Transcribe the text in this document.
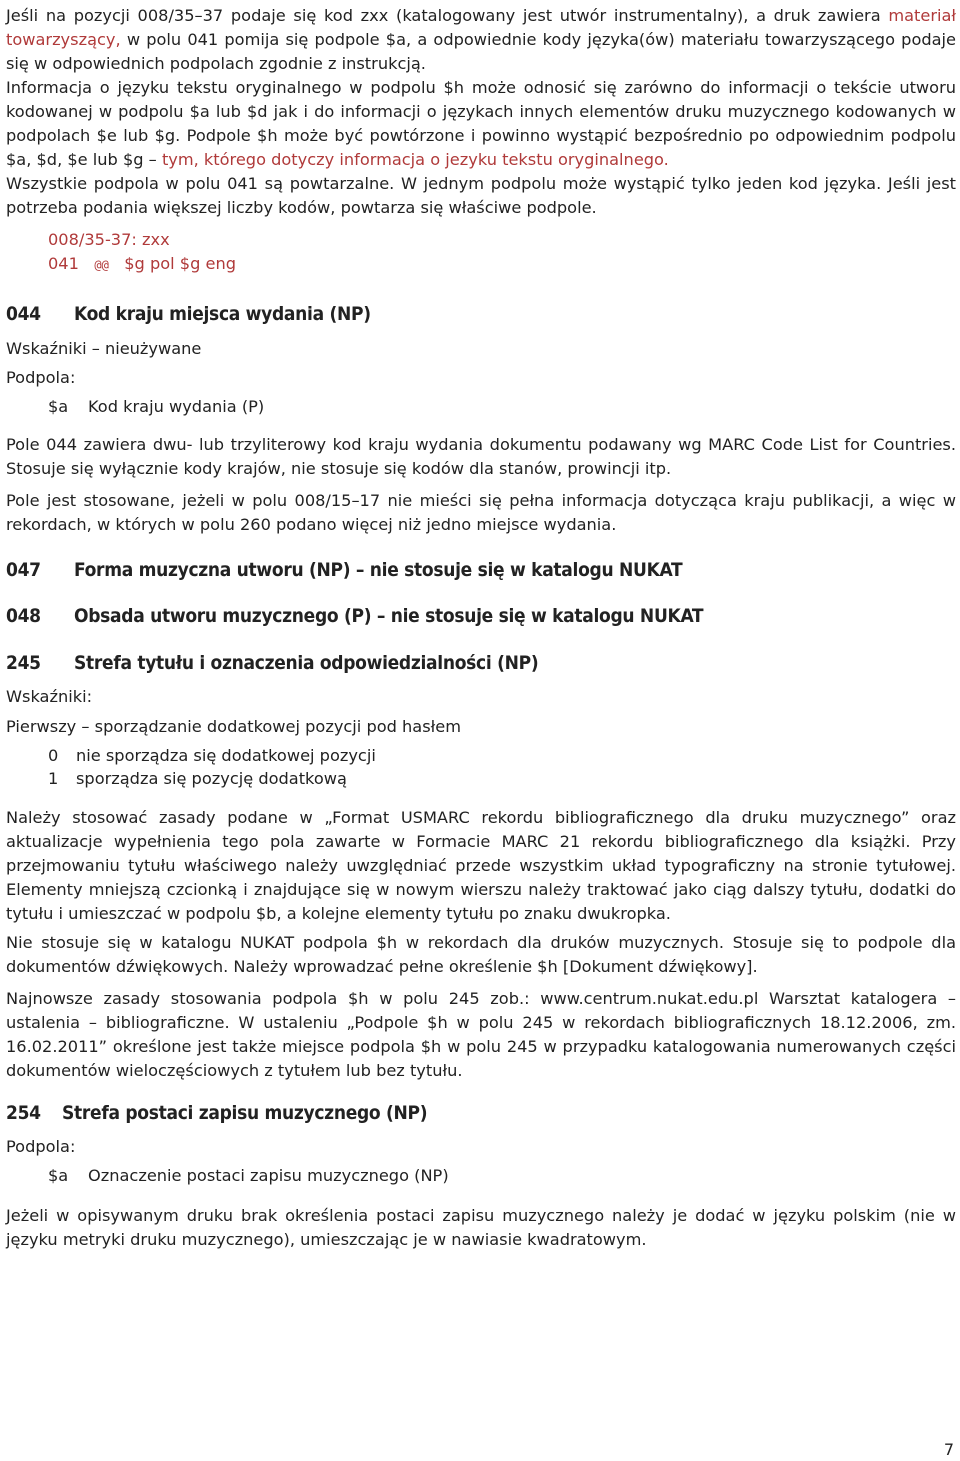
Jeśli na pozycji 008/35–37 podaje się kod zxx (katalogowany jest utwór instrumentalny), a druk zawiera materiał towarzyszący, w polu 041 pomija się podpole $a, a odpowiednie kody języka(ów) materiału towarzyszącego podaje się w odpowiednich podpolach zgodnie z instrukcją.

Informacja o języku tekstu oryginalnego w podpolu $h może odnosić się zarówno do informacji o tekście utworu kodowanej w podpolu $a lub $d jak i do informacji o językach innych elementów druku muzycznego kodowanych w podpolach $e lub $g. Podpole $h może być powtórzone i powinno wystąpić bezpośrednio po odpowiednim podpolu $a, $d, $e lub $g – tym, którego dotyczy informacja o jezyku tekstu oryginalnego.

Wszystkie podpola w polu 041 są powtarzalne. W jednym podpolu może wystąpić tylko jeden kod języka. Jeśli jest potrzeba podania większej liczby kodów, powtarza się właściwe podpole.

008/35-37: zxx
041 @@ $g pol $g eng
044 Kod kraju miejsca wydania (NP)
Wskaźniki – nieużywane
Podpola:
$a Kod kraju wydania (P)

Pole 044 zawiera dwu- lub trzyliterowy kod kraju wydania dokumentu podawany wg MARC Code List for Countries. Stosuje się wyłącznie kody krajów, nie stosuje się kodów dla stanów, prowincji itp.

Pole jest stosowane, jeżeli w polu 008/15–17 nie mieści się pełna informacja dotycząca kraju publikacji, a więc w rekordach, w których w polu 260 podano więcej niż jedno miejsce wydania.

047 Forma muzyczna utworu (NP) – nie stosuje się w katalogu NUKAT
048 Obsada utworu muzycznego (P) – nie stosuje się w katalogu NUKAT
245 Strefa tytułu i oznaczenia odpowiedzialności (NP)
Wskaźniki:
Pierwszy – sporządzanie dodatkowej pozycji pod hasłem
0 nie sporządza się dodatkowej pozycji
1 sporządza się pozycję dodatkową

Należy stosować zasady podane w „Format USMARC rekordu bibliograficznego dla druku muzycznego” oraz aktualizacje wypełnienia tego pola zawarte w Formacie MARC 21 rekordu bibliograficznego dla książki. Przy przejmowaniu tytułu właściwego należy uwzględniać przede wszystkim układ typograficzny na stronie tytułowej. Elementy mniejszą czcionką i znajdujące się w nowym wierszu należy traktować jako ciąg dalszy tytułu, dodatki do tytułu i umieszczać w podpolu $b, a kolejne elementy tytułu po znaku dwukropka.

Nie stosuje się w katalogu NUKAT podpola $h w rekordach dla druków muzycznych. Stosuje się to podpole dla dokumentów dźwiękowych. Należy wprowadzać pełne określenie $h [Dokument dźwiękowy].

Najnowsze zasady stosowania podpola $h w polu 245 zob.: www.centrum.nukat.edu.pl Warsztat katalogera – ustalenia – bibliograficzne. W ustaleniu „Podpole $h w polu 245 w rekordach bibliograficznych 18.12.2006, zm. 16.02.2011” określone jest także miejsce podpola $h w polu 245 w przypadku katalogowania numerowanych części dokumentów wieloczęściowych z tytułem lub bez tytułu.

254 Strefa postaci zapisu muzycznego (NP)
Podpola:
$a Oznaczenie postaci zapisu muzycznego (NP)

Jeżeli w opisywanym druku brak określenia postaci zapisu muzycznego należy je dodać w języku polskim (nie w języku metryki druku muzycznego), umieszczając je w nawiasie kwadratowym.

7
